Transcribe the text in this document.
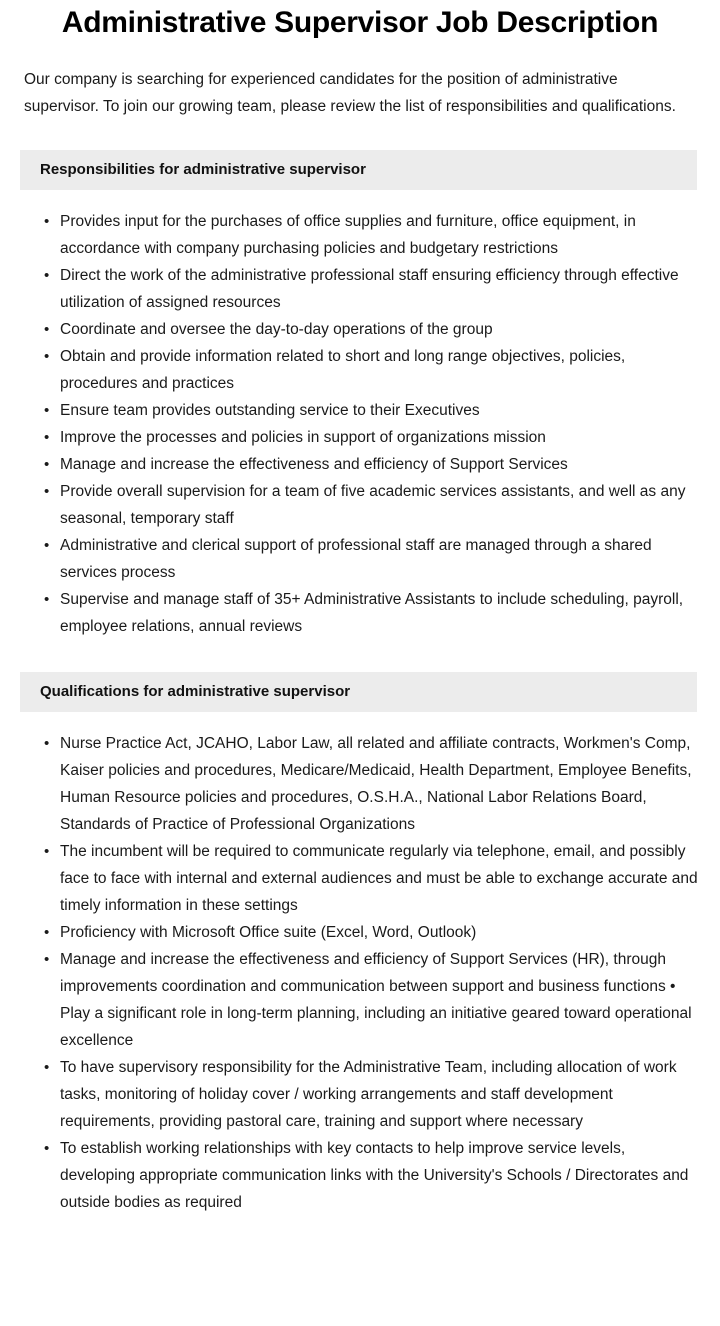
Administrative Supervisor Job Description

Our company is searching for experienced candidates for the position of administrative supervisor. To join our growing team, please review the list of responsibilities and qualifications.

Responsibilities for administrative supervisor
• Provides input for the purchases of office supplies and furniture, office equipment, in accordance with company purchasing policies and budgetary restrictions
• Direct the work of the administrative professional staff ensuring efficiency through effective utilization of assigned resources
• Coordinate and oversee the day-to-day operations of the group
• Obtain and provide information related to short and long range objectives, policies, procedures and practices
• Ensure team provides outstanding service to their Executives
• Improve the processes and policies in support of organizations mission
• Manage and increase the effectiveness and efficiency of Support Services
• Provide overall supervision for a team of five academic services assistants, and well as any seasonal, temporary staff
• Administrative and clerical support of professional staff are managed through a shared services process
• Supervise and manage staff of 35+ Administrative Assistants to include scheduling, payroll, employee relations, annual reviews
Qualifications for administrative supervisor
• Nurse Practice Act, JCAHO, Labor Law, all related and affiliate contracts, Workmen's Comp, Kaiser policies and procedures, Medicare/Medicaid, Health Department, Employee Benefits, Human Resource policies and procedures, O.S.H.A., National Labor Relations Board, Standards of Practice of Professional Organizations
• The incumbent will be required to communicate regularly via telephone, email, and possibly face to face with internal and external audiences and must be able to exchange accurate and timely information in these settings
• Proficiency with Microsoft Office suite (Excel, Word, Outlook)
• Manage and increase the effectiveness and efficiency of Support Services (HR), through improvements coordination and communication between support and business functions • Play a significant role in long-term planning, including an initiative geared toward operational excellence
• To have supervisory responsibility for the Administrative Team, including allocation of work tasks, monitoring of holiday cover / working arrangements and staff development requirements, providing pastoral care, training and support where necessary
• To establish working relationships with key contacts to help improve service levels, developing appropriate communication links with the University's Schools / Directorates and outside bodies as required
